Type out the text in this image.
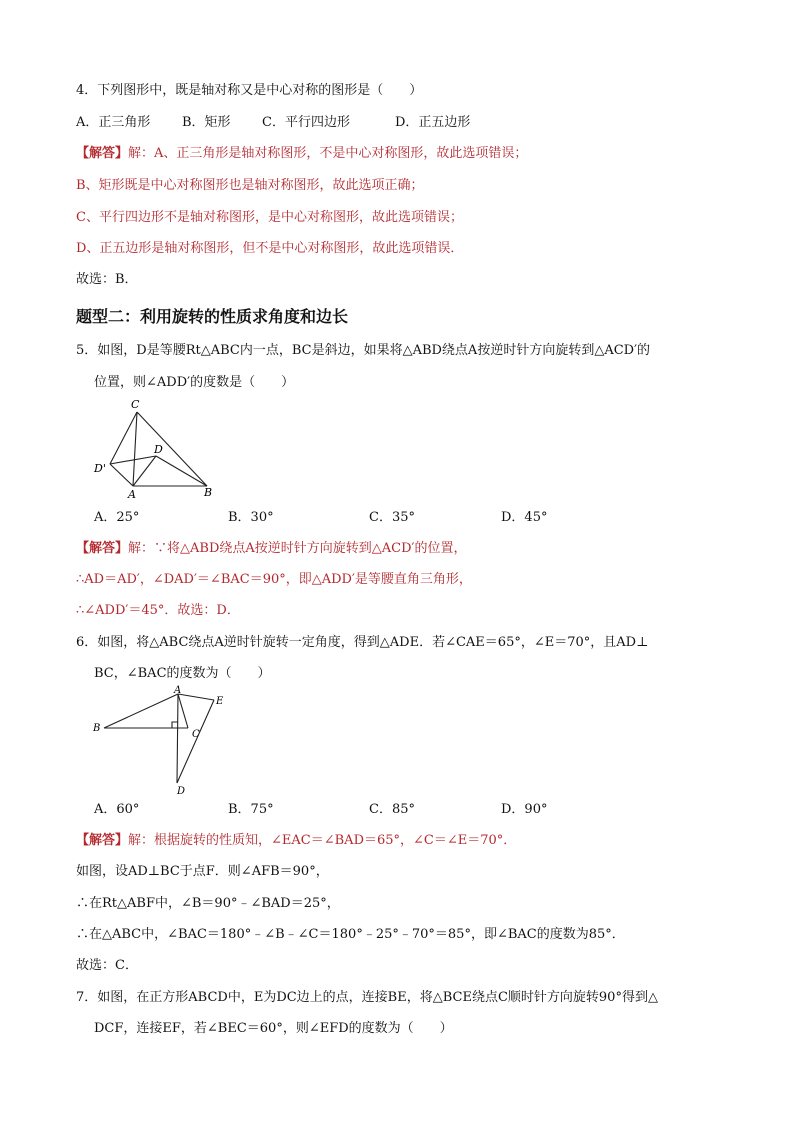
4．下列图形中，既是轴对称又是中心对称的图形是（　　）
A．正三角形 B．矩形 C．平行四边形	D．正五边形
【解答】解：A、正三角形是轴对称图形，不是中心对称图形，故此选项错误；
B、矩形既是中心对称图形也是轴对称图形，故此选项正确；
C、平行四边形不是轴对称图形，是中心对称图形，故此选项错误；
D、正五边形是轴对称图形，但不是中心对称图形，故此选项错误．
故选：B．
题型二：利用旋转的性质求角度和边长
5．如图，D是等腰Rt△ABC内一点，BC是斜边，如果将△ABD绕点A按逆时针方向旋转到△ACD′的
位置，则∠ADD′的度数是（　　）
C
D'
D
A	B
A．25°	B．30°	C．35°	D．45°
【解答】解：∵将△ABD绕点A按逆时针方向旋转到△ACD′的位置，
∴AD＝AD′，∠DAD′＝∠BAC＝90°，即△ADD′是等腰直角三角形，
∴∠ADD′＝45°．故选：D．
6．如图，将△ABC绕点A逆时针旋转一定角度，得到△ADE．若∠CAE＝65°，∠E＝70°，且AD⊥
BC，∠BAC的度数为（　　）
A
E
B
C
D
A．60°	B．75°	C．85°	D．90°
【解答】解：根据旋转的性质知，∠EAC＝∠BAD＝65°，∠C＝∠E＝70°．
如图，设AD⊥BC于点F．则∠AFB＝90°，
∴在Rt△ABF中，∠B＝90°﹣∠BAD＝25°，
∴在△ABC中，∠BAC＝180°﹣∠B﹣∠C＝180°﹣25°﹣70°＝85°，即∠BAC的度数为85°．
故选：C．
7．如图，在正方形ABCD中，E为DC边上的点，连接BE，将△BCE绕点C顺时针方向旋转90°得到△
DCF，连接EF，若∠BEC＝60°，则∠EFD的度数为（　　）
